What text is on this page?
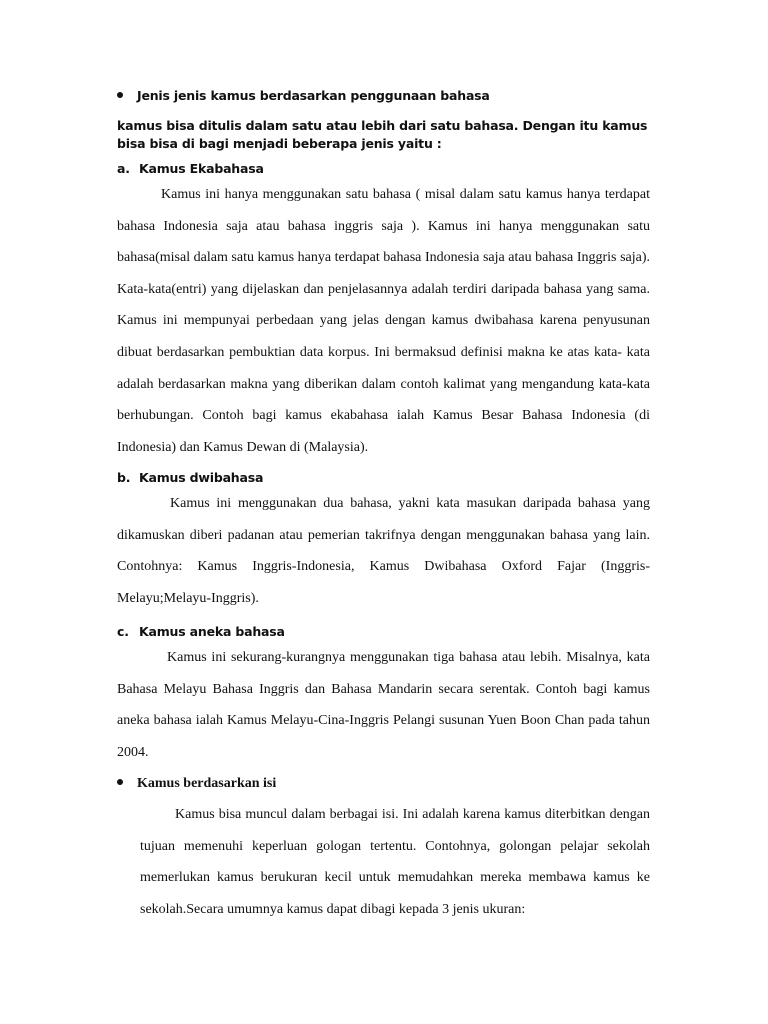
Jenis jenis kamus berdasarkan penggunaan bahasa
kamus bisa ditulis dalam satu atau lebih dari satu bahasa. Dengan itu kamus bisa bisa di bagi menjadi beberapa jenis yaitu :
a. Kamus Ekabahasa

Kamus ini hanya menggunakan satu bahasa ( misal dalam satu kamus hanya terdapat bahasa Indonesia saja atau bahasa inggris saja ). Kamus ini hanya menggunakan satu bahasa(misal dalam satu kamus hanya terdapat bahasa Indonesia saja atau bahasa Inggris saja). Kata-kata(entri) yang dijelaskan dan penjelasannya adalah terdiri daripada bahasa yang sama. Kamus ini mempunyai perbedaan yang jelas dengan kamus dwibahasa karena penyusunan dibuat berdasarkan pembuktian data korpus. Ini bermaksud definisi makna ke atas kata- kata adalah berdasarkan makna yang diberikan dalam contoh kalimat yang mengandung kata-kata berhubungan. Contoh bagi kamus ekabahasa ialah Kamus Besar Bahasa Indonesia (di Indonesia) dan Kamus Dewan di (Malaysia).

b. Kamus dwibahasa

Kamus ini menggunakan dua bahasa, yakni kata masukan daripada bahasa yang dikamuskan diberi padanan atau pemerian takrifnya dengan menggunakan bahasa yang lain. Contohnya: Kamus Inggris-Indonesia, Kamus Dwibahasa Oxford Fajar (Inggris-Melayu;Melayu-Inggris).

c. Kamus aneka bahasa

Kamus ini sekurang-kurangnya menggunakan tiga bahasa atau lebih. Misalnya, kata Bahasa Melayu Bahasa Inggris dan Bahasa Mandarin secara serentak. Contoh bagi kamus aneka bahasa ialah Kamus Melayu-Cina-Inggris Pelangi susunan Yuen Boon Chan pada tahun 2004.

Kamus berdasarkan isi

Kamus bisa muncul dalam berbagai isi. Ini adalah karena kamus diterbitkan dengan tujuan memenuhi keperluan gologan tertentu. Contohnya, golongan pelajar sekolah memerlukan kamus berukuran kecil untuk memudahkan mereka membawa kamus ke sekolah.Secara umumnya kamus dapat dibagi kepada 3 jenis ukuran:
